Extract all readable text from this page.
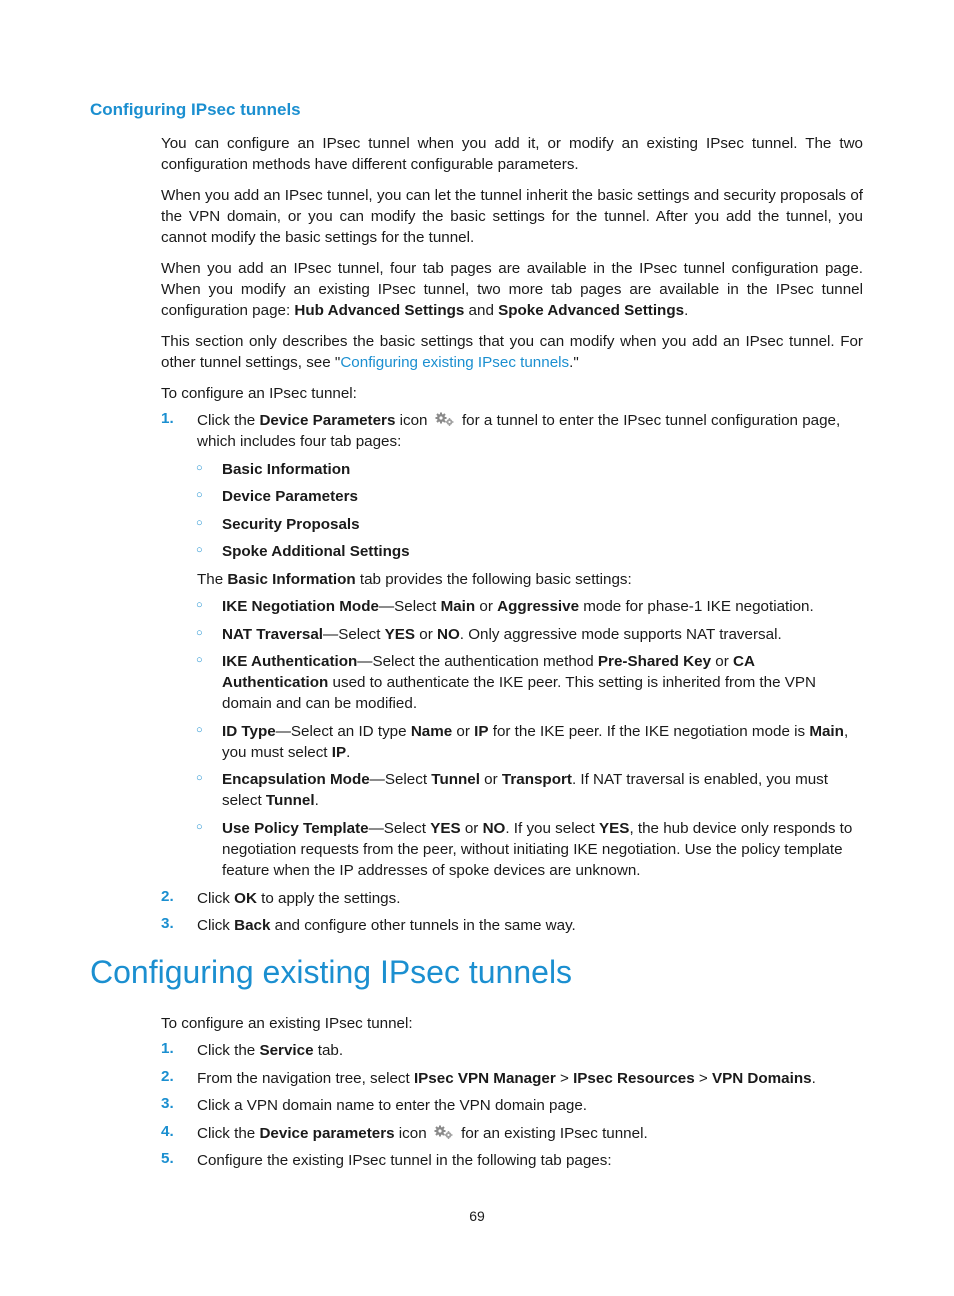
Configuring IPsec tunnels
You can configure an IPsec tunnel when you add it, or modify an existing IPsec tunnel. The two configuration methods have different configurable parameters.
When you add an IPsec tunnel, you can let the tunnel inherit the basic settings and security proposals of the VPN domain, or you can modify the basic settings for the tunnel. After you add the tunnel, you cannot modify the basic settings for the tunnel.
When you add an IPsec tunnel, four tab pages are available in the IPsec tunnel configuration page. When you modify an existing IPsec tunnel, two more tab pages are available in the IPsec tunnel configuration page: Hub Advanced Settings and Spoke Advanced Settings.
This section only describes the basic settings that you can modify when you add an IPsec tunnel. For other tunnel settings, see "Configuring existing IPsec tunnels."
To configure an IPsec tunnel:
1.	Click the Device Parameters icon  for a tunnel to enter the IPsec tunnel configuration page, which includes four tab pages:
○ Basic Information
○ Device Parameters
○ Security Proposals
○ Spoke Additional Settings
The Basic Information tab provides the following basic settings:
○ IKE Negotiation Mode—Select Main or Aggressive mode for phase-1 IKE negotiation.
○ NAT Traversal—Select YES or NO. Only aggressive mode supports NAT traversal.
○ IKE Authentication—Select the authentication method Pre-Shared Key or CA Authentication used to authenticate the IKE peer. This setting is inherited from the VPN domain and can be modified.
○ ID Type—Select an ID type Name or IP for the IKE peer. If the IKE negotiation mode is Main, you must select IP.
○ Encapsulation Mode—Select Tunnel or Transport. If NAT traversal is enabled, you must select Tunnel.
○ Use Policy Template—Select YES or NO. If you select YES, the hub device only responds to negotiation requests from the peer, without initiating IKE negotiation. Use the policy template feature when the IP addresses of spoke devices are unknown.
2.	Click OK to apply the settings.
3.	Click Back and configure other tunnels in the same way.
Configuring existing IPsec tunnels
To configure an existing IPsec tunnel:
1.	Click the Service tab.
2.	From the navigation tree, select IPsec VPN Manager > IPsec Resources > VPN Domains.
3.	Click a VPN domain name to enter the VPN domain page.
4.	Click the Device parameters icon  for an existing IPsec tunnel.
5.	Configure the existing IPsec tunnel in the following tab pages:
69
